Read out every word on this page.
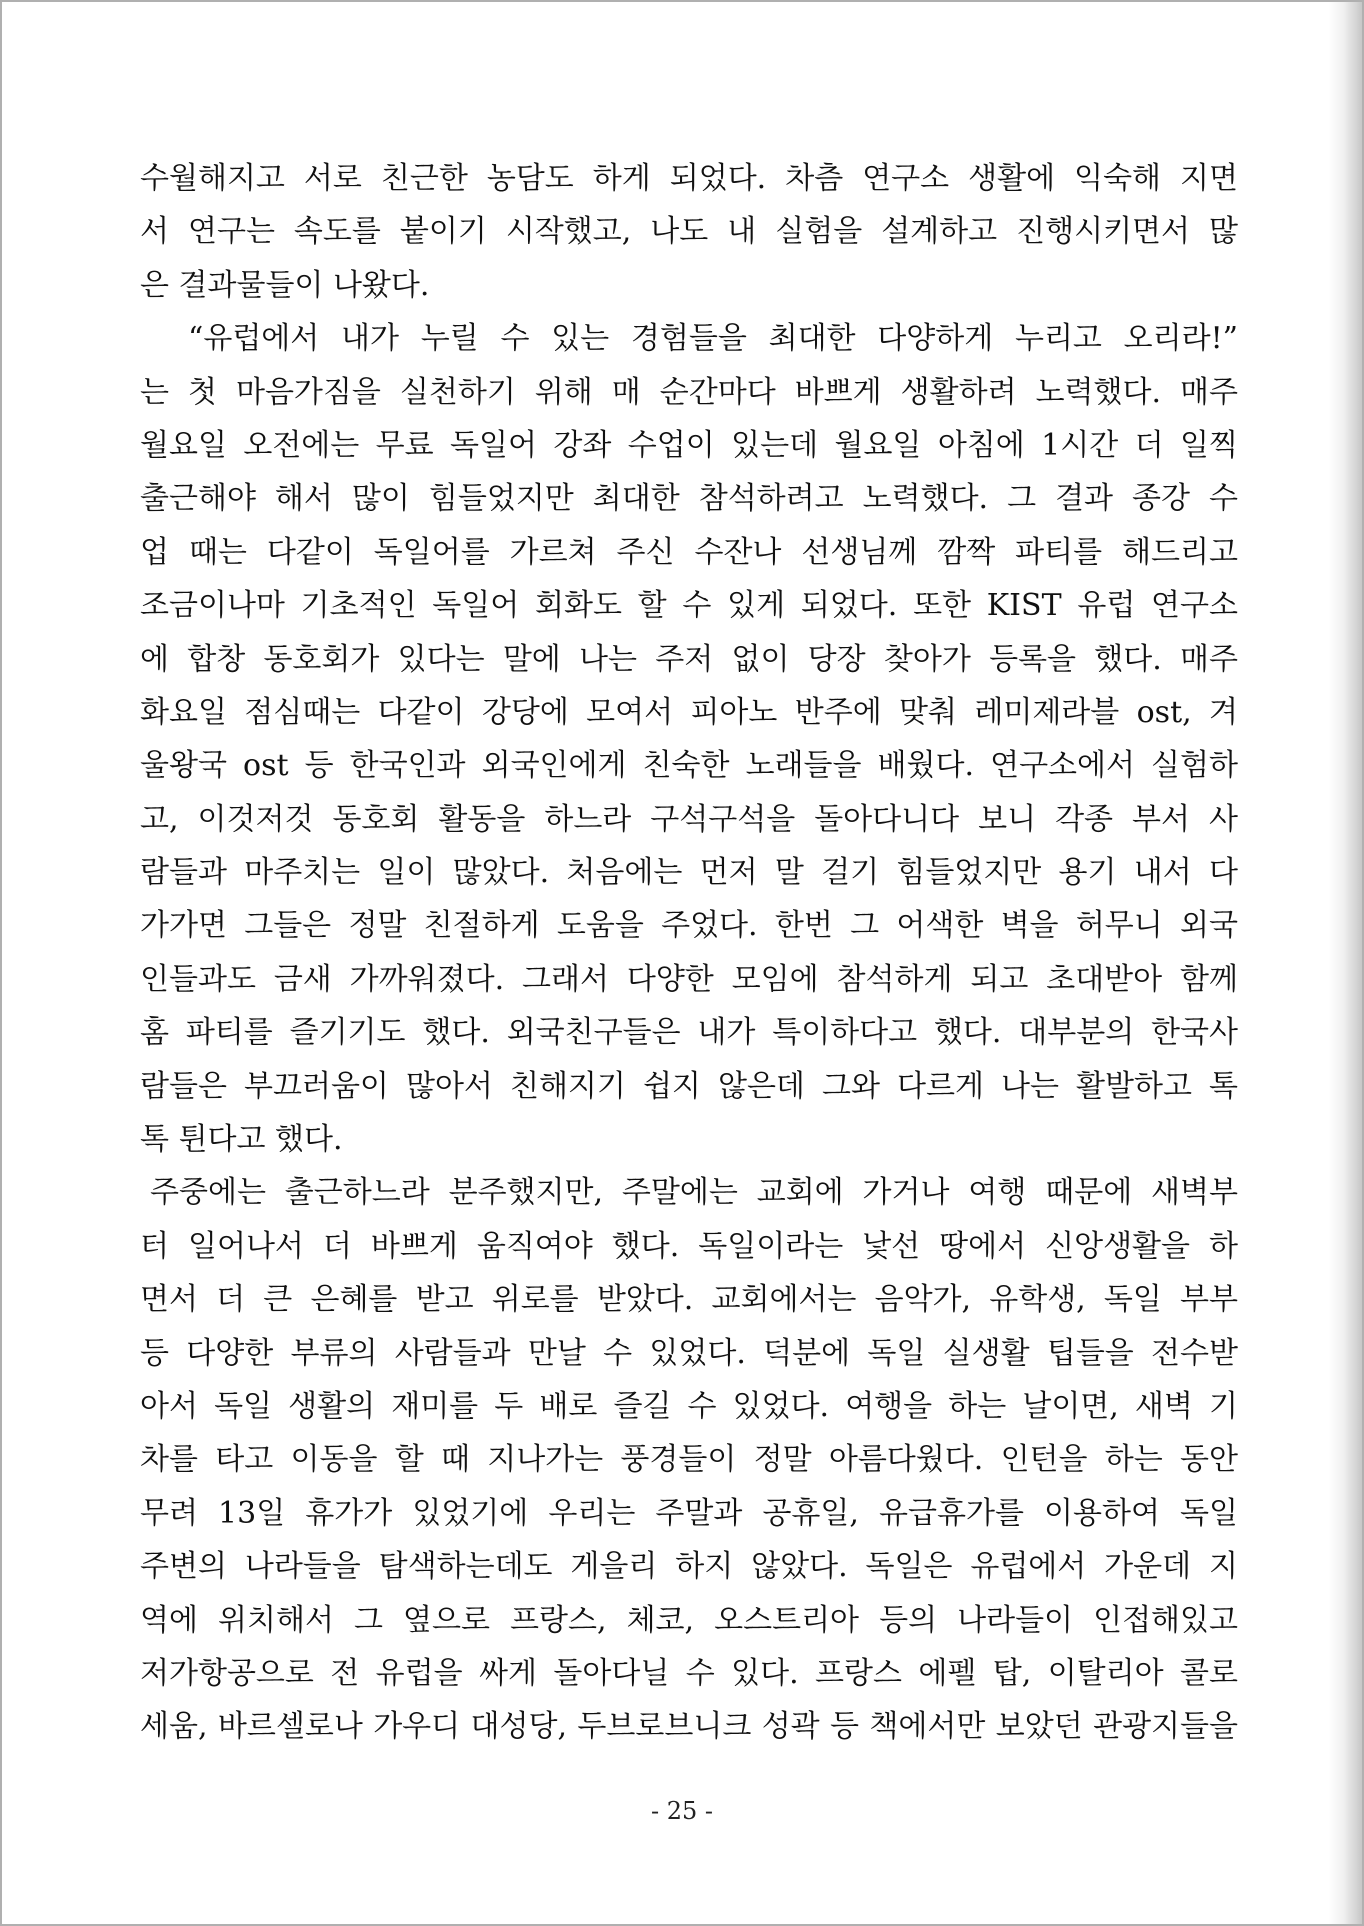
수월해지고 서로 친근한 농담도 하게 되었다. 차츰 연구소 생활에 익숙해 지면
서 연구는 속도를 붙이기 시작했고, 나도 내 실험을 설계하고 진행시키면서 많
은 결과물들이 나왔다.
“유럽에서 내가 누릴 수 있는 경험들을 최대한 다양하게 누리고 오리라!”
는 첫 마음가짐을 실천하기 위해 매 순간마다 바쁘게 생활하려 노력했다. 매주
월요일 오전에는 무료 독일어 강좌 수업이 있는데 월요일 아침에 1시간 더 일찍
출근해야 해서 많이 힘들었지만 최대한 참석하려고 노력했다. 그 결과 종강 수
업 때는 다같이 독일어를 가르쳐 주신 수잔나 선생님께 깜짝 파티를 해드리고
조금이나마 기초적인 독일어 회화도 할 수 있게 되었다. 또한 KIST 유럽 연구소
에 합창 동호회가 있다는 말에 나는 주저 없이 당장 찾아가 등록을 했다. 매주
화요일 점심때는 다같이 강당에 모여서 피아노 반주에 맞춰 레미제라블 ost, 겨
울왕국 ost 등 한국인과 외국인에게 친숙한 노래들을 배웠다. 연구소에서 실험하
고, 이것저것 동호회 활동을 하느라 구석구석을 돌아다니다 보니 각종 부서 사
람들과 마주치는 일이 많았다. 처음에는 먼저 말 걸기 힘들었지만 용기 내서 다
가가면 그들은 정말 친절하게 도움을 주었다. 한번 그 어색한 벽을 허무니 외국
인들과도 금새 가까워졌다. 그래서 다양한 모임에 참석하게 되고 초대받아 함께
홈 파티를 즐기기도 했다. 외국친구들은 내가 특이하다고 했다. 대부분의 한국사
람들은 부끄러움이 많아서 친해지기 쉽지 않은데 그와 다르게 나는 활발하고 톡
톡 튄다고 했다.
주중에는 출근하느라 분주했지만, 주말에는 교회에 가거나 여행 때문에 새벽부
터 일어나서 더 바쁘게 움직여야 했다. 독일이라는 낯선 땅에서 신앙생활을 하
면서 더 큰 은혜를 받고 위로를 받았다. 교회에서는 음악가, 유학생, 독일 부부
등 다양한 부류의 사람들과 만날 수 있었다. 덕분에 독일 실생활 팁들을 전수받
아서 독일 생활의 재미를 두 배로 즐길 수 있었다. 여행을 하는 날이면, 새벽 기
차를 타고 이동을 할 때 지나가는 풍경들이 정말 아름다웠다. 인턴을 하는 동안
무려 13일 휴가가 있었기에 우리는 주말과 공휴일, 유급휴가를 이용하여 독일
주변의 나라들을 탐색하는데도 게을리 하지 않았다. 독일은 유럽에서 가운데 지
역에 위치해서 그 옆으로 프랑스, 체코, 오스트리아 등의 나라들이 인접해있고
저가항공으로 전 유럽을 싸게 돌아다닐 수 있다. 프랑스 에펠 탑, 이탈리아 콜로
세움, 바르셀로나 가우디 대성당, 두브로브니크 성곽 등 책에서만 보았던 관광지들을
- 25 -
